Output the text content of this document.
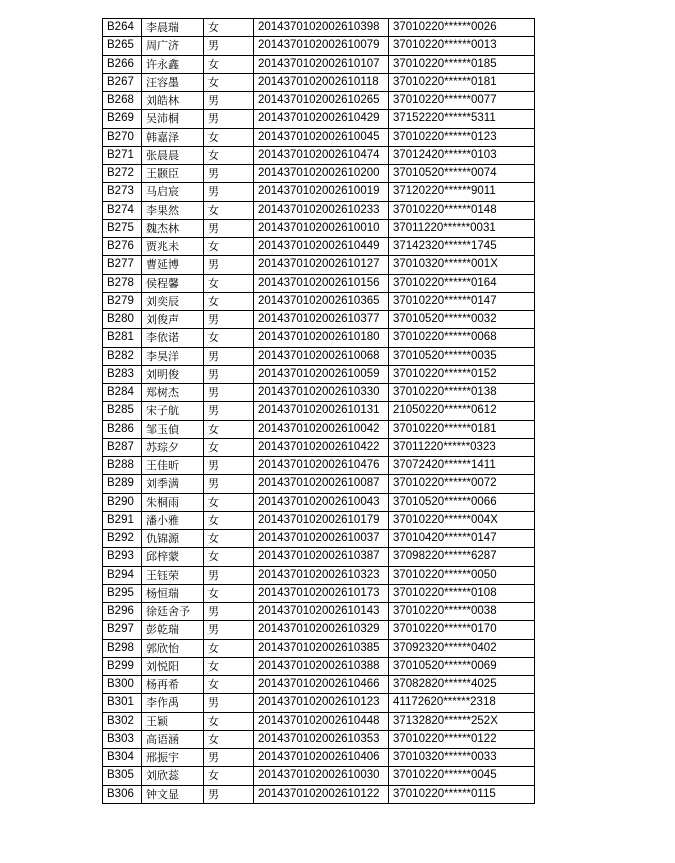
B264	李晨瑞	女	2014370102002610398	37010220******0026
B265	周广济	男	2014370102002610079	37010220******0013
B266	许永鑫	女	2014370102002610107	37010220******0185
B267	汪容墨	女	2014370102002610118	37010220******0181
B268	刘皓林	男	2014370102002610265	37010220******0077
B269	吴沛桐	男	2014370102002610429	37152220******5311
B270	韩嘉泽	女	2014370102002610045	37010220******0123
B271	张晨晨	女	2014370102002610474	37012420******0103
B272	王颢臣	男	2014370102002610200	37010520******0074
B273	马启宸	男	2014370102002610019	37120220******9011
B274	李果然	女	2014370102002610233	37010220******0148
B275	魏杰林	男	2014370102002610010	37011220******0031
B276	贾兆未	女	2014370102002610449	37142320******1745
B277	曹延博	男	2014370102002610127	37010320******001X
B278	侯程馨	女	2014370102002610156	37010220******0164
B279	刘奕辰	女	2014370102002610365	37010220******0147
B280	刘俊声	男	2014370102002610377	37010520******0032
B281	李依诺	女	2014370102002610180	37010220******0068
B282	李昊洋	男	2014370102002610068	37010520******0035
B283	刘明俊	男	2014370102002610059	37010220******0152
B284	郑树杰	男	2014370102002610330	37010220******0138
B285	宋子航	男	2014370102002610131	21050220******0612
B286	邹玉偵	女	2014370102002610042	37010220******0181
B287	苏琮夕	女	2014370102002610422	37011220******0323
B288	王佳昕	男	2014370102002610476	37072420******1411
B289	刘季满	男	2014370102002610087	37010220******0072
B290	朱桐雨	女	2014370102002610043	37010520******0066
B291	潘小雅	女	2014370102002610179	37010220******004X
B292	仇锦源	女	2014370102002610037	37010420******0147
B293	邱梓蒙	女	2014370102002610387	37098220******6287
B294	王钰荣	男	2014370102002610323	37010220******0050
B295	杨恒瑞	女	2014370102002610173	37010220******0108
B296	徐廷舍予	男	2014370102002610143	37010220******0038
B297	彭乾瑞	男	2014370102002610329	37010220******0170
B298	郭欣怡	女	2014370102002610385	37092320******0402
B299	刘悦阳	女	2014370102002610388	37010520******0069
B300	杨再希	女	2014370102002610466	37082820******4025
B301	李作禹	男	2014370102002610123	41172620******2318
B302	王颖	女	2014370102002610448	37132820******252X
B303	高语涵	女	2014370102002610353	37010220******0122
B304	邢振宇	男	2014370102002610406	37010320******0033
B305	刘欣蕊	女	2014370102002610030	37010220******0045
B306	钟文显	男	2014370102002610122	37010220******0115
